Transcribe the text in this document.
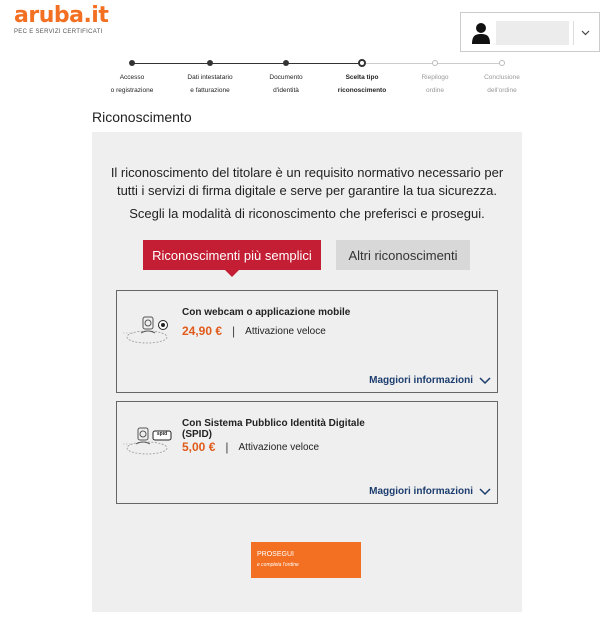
aruba.it
PEC E SERVIZI CERTIFICATI
Accesso
o registrazione
Dati intestatario
e fatturazione
Documento
d'identità
Scelta tipo
riconoscimento
Riepilogo
ordine
Conclusione
dell'ordine
Riconoscimento
Il riconoscimento del titolare è un requisito normativo necessario per
tutti i servizi di firma digitale e serve per garantire la tua sicurezza.
Scegli la modalità di riconoscimento che preferisci e prosegui.
Riconoscimenti più semplici	Altri riconoscimenti
Con webcam o applicazione mobile
24,90 € | Attivazione veloce
Maggiori informazioni
spid
Con Sistema Pubblico Identità Digitale (SPID)
5,00 € | Attivazione veloce
Maggiori informazioni
PROSEGUI
e completa l'ordine
